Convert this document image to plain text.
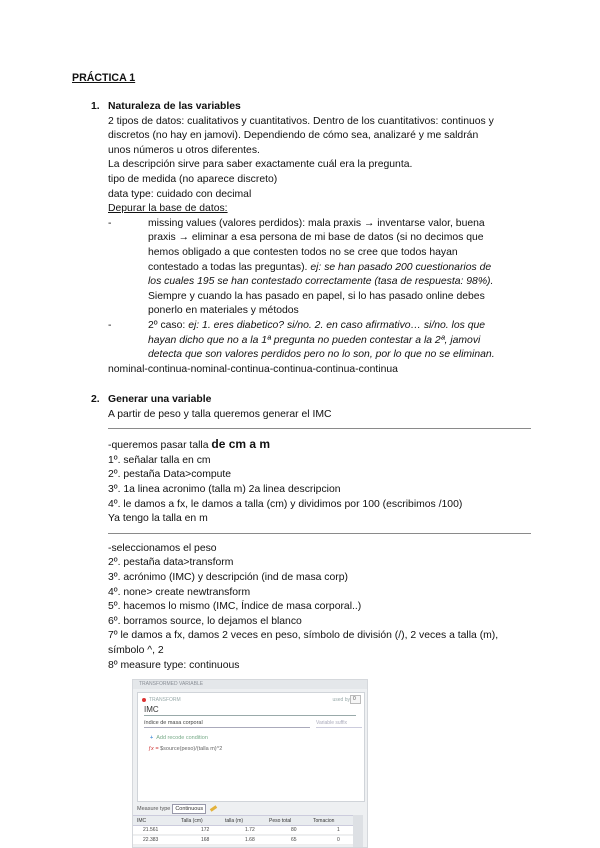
PRÁCTICA 1
1. Naturaleza de las variables
2 tipos de datos: cualitativos y cuantitativos. Dentro de los cuantitativos: continuos y
discretos (no hay en jamovi). Dependiendo de cómo sea, analizaré y me saldrán
unos números u otros diferentes.
La descripción sirve para saber exactamente cuál era la pregunta.
tipo de medida (no aparece discreto)
data type: cuidado con decimal
Depurar la base de datos:
-	missing values (valores perdidos): mala praxis → inventarse valor, buena
praxis → eliminar a esa persona de mi base de datos (si no decimos que
hemos obligado a que contesten todos no se cree que todos hayan
contestado a todas las preguntas). ej: se han pasado 200 cuestionarios de
los cuales 195 se han contestado correctamente (tasa de respuesta: 98%).
Siempre y cuando la has pasado en papel, si lo has pasado online debes
ponerlo en materiales y métodos
-	2º caso: ej: 1. eres diabetico? si/no. 2. en caso afirmativo… si/no. los que
hayan dicho que no a la 1ª pregunta no pueden contestar a la 2ª, jamovi
detecta que son valores perdidos pero no lo son, por lo que no se eliminan.
nominal-continua-nominal-continua-continua-continua-continua
2. Generar una variable
A partir de peso y talla queremos generar el IMC
-queremos pasar talla de cm a m
1º. señalar talla en cm
2º. pestaña Data>compute
3º. 1a linea acronimo (talla m) 2a linea descripcion
4º. le damos a fx, le damos a talla (cm) y dividimos por 100 (escribimos /100)
Ya tengo la talla en m
-seleccionamos el peso
2º. pestaña data>transform
3º. acrónimo (IMC) y descripción (ind de masa corp)
4º. none> create newtransform
5º. hacemos lo mismo (IMC, Índice de masa corporal..)
6º. borramos source, lo dejamos el blanco
7º le damos a fx, damos 2 veces en peso, símbolo de división (/), 2 veces a talla (m),
símbolo ^, 2
8º measure type: continuous
TRANSFORMED VARIABLE
TRANSFORM	used by 0
IMC
índice de masa corporal	Variable suffix
+ Add recode condition
ƒx = $source(peso)/(talla m)^2
Measure type Continuous
IMC	Talla (cm)	talla (m)	Peso total	Tomacion
21.561	172	1.72	80	1
22.383	168	1.68	65	0
